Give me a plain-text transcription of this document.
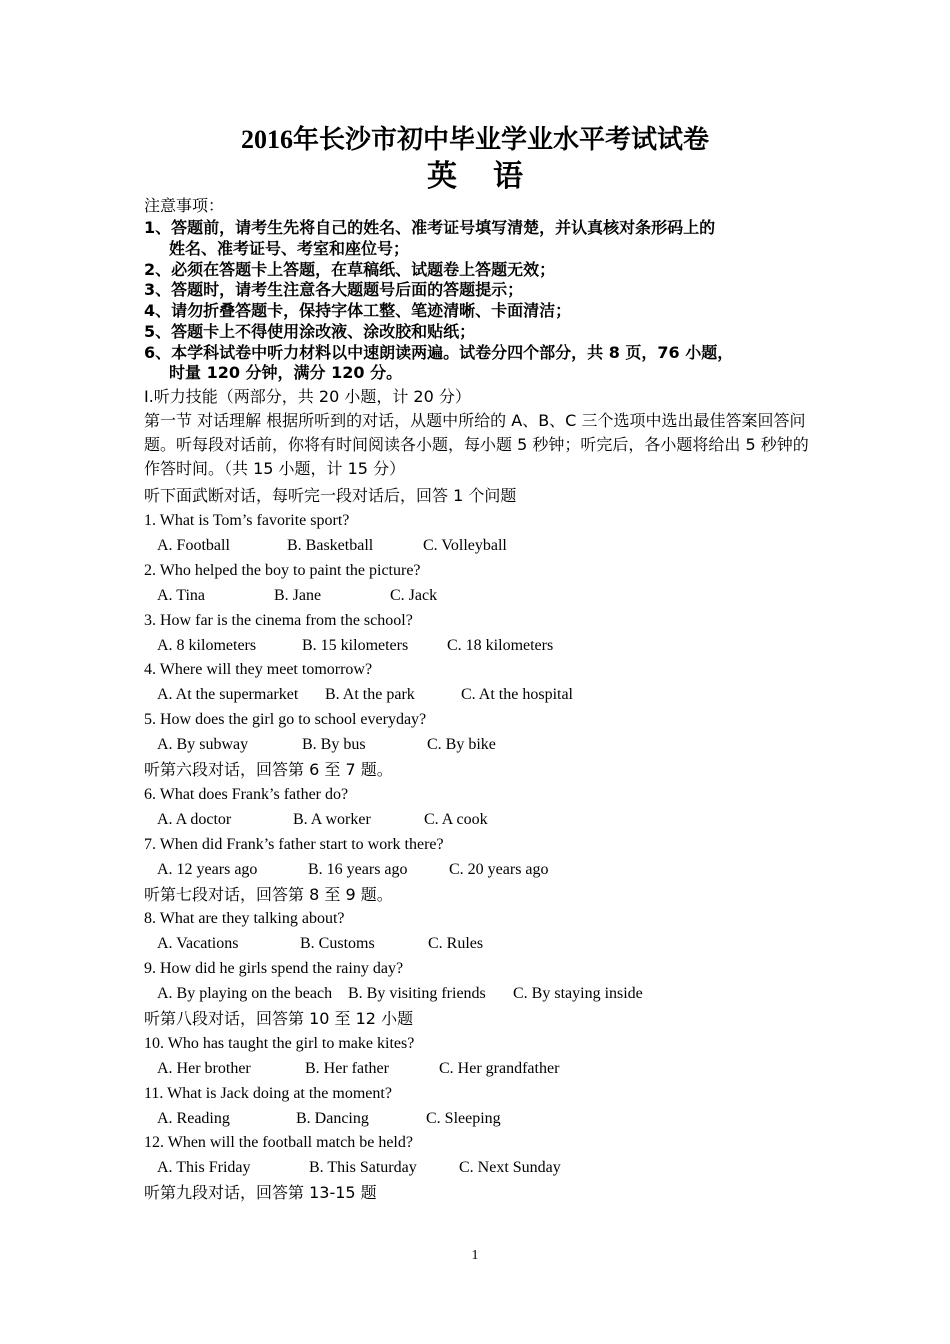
2016年长沙市初中毕业学业水平考试试卷
英 语
注意事项：
1、答题前，请考生先将自己的姓名、准考证号填写清楚，并认真核对条形码上的
姓名、准考证号、考室和座位号；
2、必须在答题卡上答题，在草稿纸、试题卷上答题无效；
3、答题时，请考生注意各大题题号后面的答题提示；
4、请勿折叠答题卡，保持字体工整、笔迹清晰、卡面清洁；
5、答题卡上不得使用涂改液、涂改胶和贴纸；
6、本学科试卷中听力材料以中速朗读两遍。试卷分四个部分，共 8 页，76 小题，
时量 120 分钟，满分 120 分。
I.听力技能（两部分，共 20 小题，计 20 分）
第一节 对话理解 根据所听到的对话，从题中所给的 A、B、C 三个选项中选出最佳答案回答问题。听每段对话前，你将有时间阅读各小题，每小题 5 秒钟；听完后，各小题将给出 5 秒钟的作答时间。（共 15 小题，计 15 分）
听下面武断对话，每听完一段对话后，回答 1 个问题
1. What is Tom’s favorite sport?
A. Football	B. Basketball	C. Volleyball
2. Who helped the boy to paint the picture?
A. Tina	B. Jane	C. Jack
3. How far is the cinema from the school?
A. 8 kilometers	B. 15 kilometers C. 18 kilometers
4. Where will they meet tomorrow?
A. At the supermarket B. At the park	C. At the hospital
5. How does the girl go to school everyday?
A. By subway	B. By bus	C. By bike
听第六段对话，回答第 6 至 7 题。
6. What does Frank’s father do?
A. A doctor	B. A worker	C. A cook
7. When did Frank’s father start to work there?
A. 12 years ago	B. 16 years ago	C. 20 years ago
听第七段对话，回答第 8 至 9 题。
8. What are they talking about?
A. Vacations	B. Customs	C. Rules
9. How did he girls spend the rainy day?
A. By playing on the beach B. By visiting friends C. By staying inside
听第八段对话，回答第 10 至 12 小题
10. Who has taught the girl to make kites?
A. Her brother	B. Her father	C. Her grandfather
11. What is Jack doing at the moment?
A. Reading	B. Dancing	C. Sleeping
12. When will the football match be held?
A. This Friday	B. This Saturday	C. Next Sunday
听第九段对话，回答第 13-15 题
1
